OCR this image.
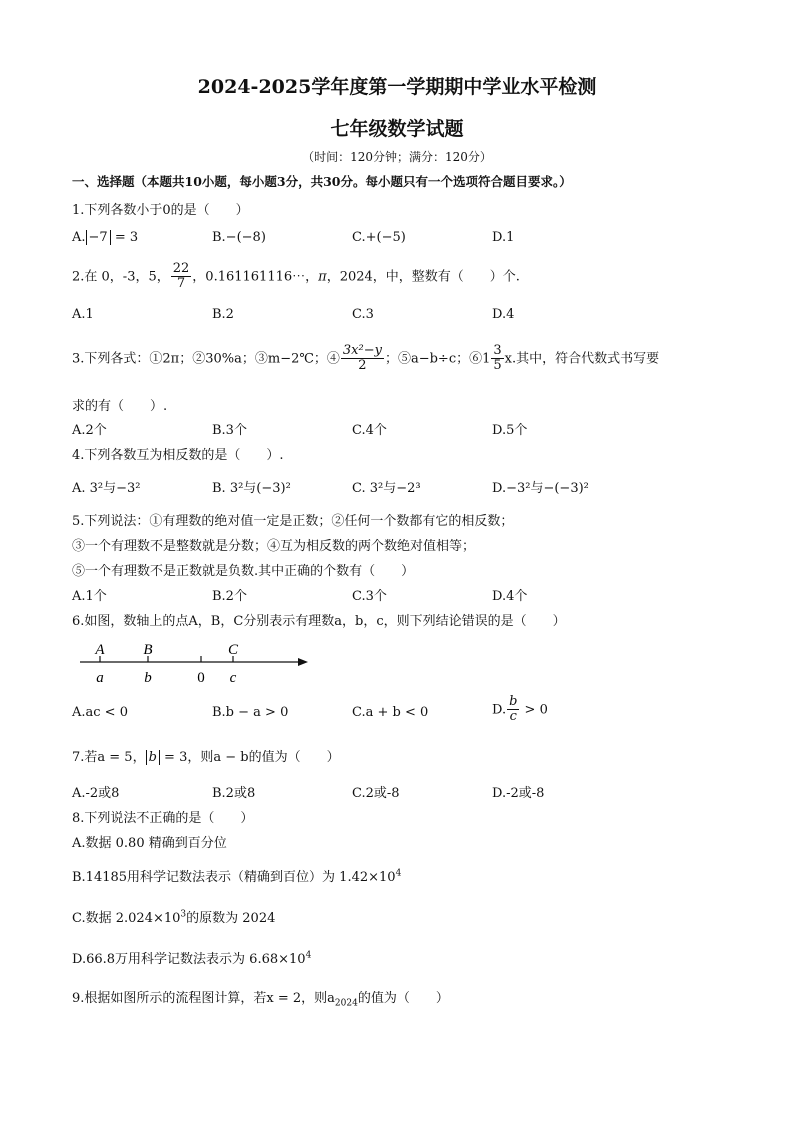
2024-2025学年度第一学期期中学业水平检测
七年级数学试题
（时间：120分钟；满分：120分）
一、选择题（本题共10小题，每小题3分，共30分。每小题只有一个选项符合题目要求。）
1.下列各数小于0的是（　　）
A. −7 = 3	B.−(−8)	C.+(−5)	D.1
2.在 0，-3，5， $\frac{22}{7}$ ，0.161161116⋯，π，2024，中，整数有（　　）个.
A.1	B.2	C.3	D.4
3.下列各式：①2π；②30%a；③m−2℃；④ $\frac{\text{3x²−y}}{2}$ ；⑤a−b÷c；⑥1 $\frac{3}{5} x$.其中，符合代数式书写要
求的有（　　）.
A.2个	B.3个	C.4个	D.5个
4.下列各数互为相反数的是（　　）.
A. 3²与−3²	B. 3²与(−3)²	C. 3²与−2³	D.−3²与−(−3)²
5.下列说法：①有理数的绝对值一定是正数；②任何一个数都有它的相反数；
③一个有理数不是整数就是分数；④互为相反数的两个数绝对值相等；
⑤一个有理数不是正数就是负数.其中正确的个数有（　　）
A.1个	B.2个	C.3个	D.4个
6.如图，数轴上的点A，B，C分别表示有理数a，b，c，则下列结论错误的是（　　）
A	B	C
a	b	0 c
A.ac < 0	B.b − a > 0	C.a + b < 0	D. $\frac{b}{c} > 0$
7.若a = 5， b = 3，则a − b的值为（　　）
A.-2或8	B.2或8	C.2或-8	D.-2或-8
8.下列说法不正确的是（　　）
A.数据 0.80 精确到百分位
B.14185用科学记数法表示（精确到百位）为 $1.42\times 10^4$
C.数据 $2.024\times 10^3$的原数为 2024
D.66.8万用科学记数法表示为 $6.68\times 10^4$
9.根据如图所示的流程图计算，若x = 2，则$a_{2024}$的值为（　　）
